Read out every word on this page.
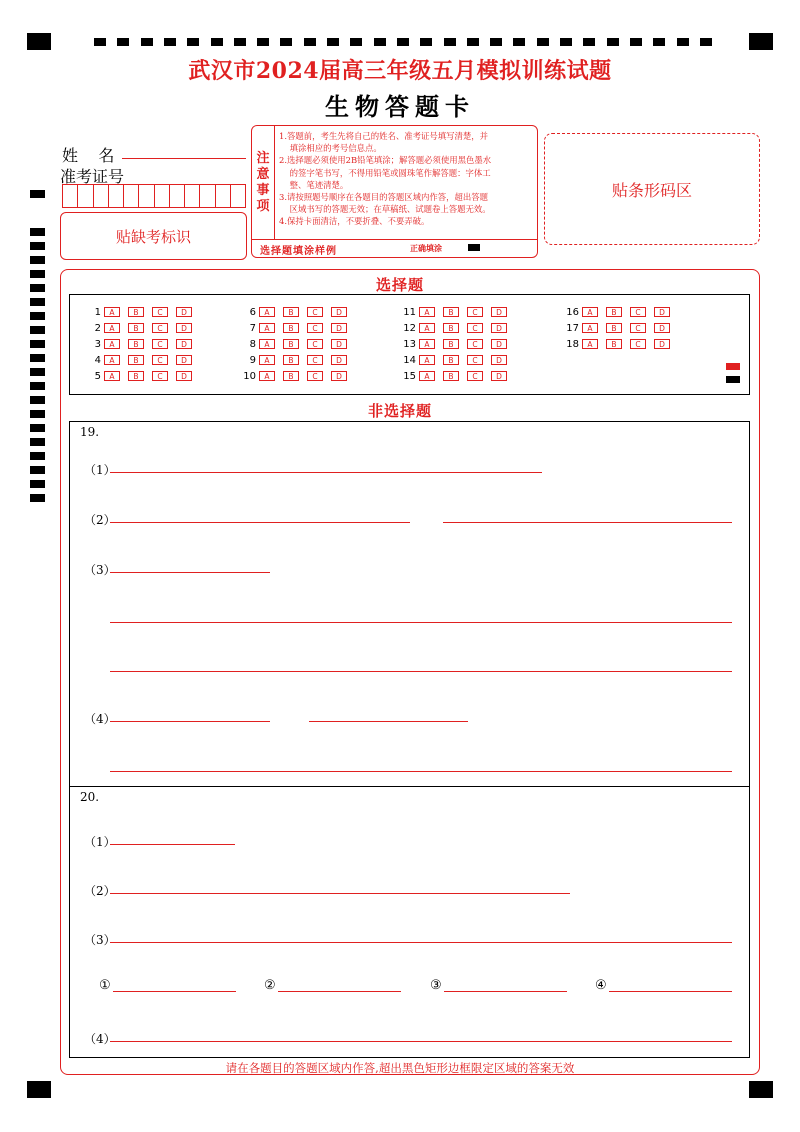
武汉市2024届高三年级五月模拟训练试题
生物答题卡
姓    名
准考证号
贴缺考标识
注
意
事
项

1.答题前，考生先将自己的姓名、准考证号填写清楚，并

填涂相应的考号信息点。

2.选择题必须使用2B铅笔填涂；解答题必须使用黑色墨水

的签字笔书写，不得用铅笔或圆珠笔作解答题：字体工

整、笔迹清楚。

3.请按照题号顺序在各题目的答题区域内作答，超出答题

区域书写的答题无效；在草稿纸、试题卷上答题无效。

4.保持卡面清洁，不要折叠、不要弄破。

选择题填涂样例	正确填涂
贴条形码区
选择题
1	A	B	C	D
2	A	B	C	D
3	A	B	C	D
4	A	B	C	D
5	A	B	C	D
6	A	B	C	D
7	A	B	C	D
8	A	B	C	D
9	A	B	C	D
10	A	B	C	D
11	A	B	C	D
12	A	B	C	D
13	A	B	C	D
14	A	B	C	D
15	A	B	C	D
16	A	B	C	D
17	A	B	C	D
18	A	B	C	D
非选择题
19.
（1）
（2）
（3）
（4）
20.
（1）
（2）
（3）
①	②	③	④
（4）
请在各题目的答题区域内作答,超出黑色矩形边框限定区域的答案无效
